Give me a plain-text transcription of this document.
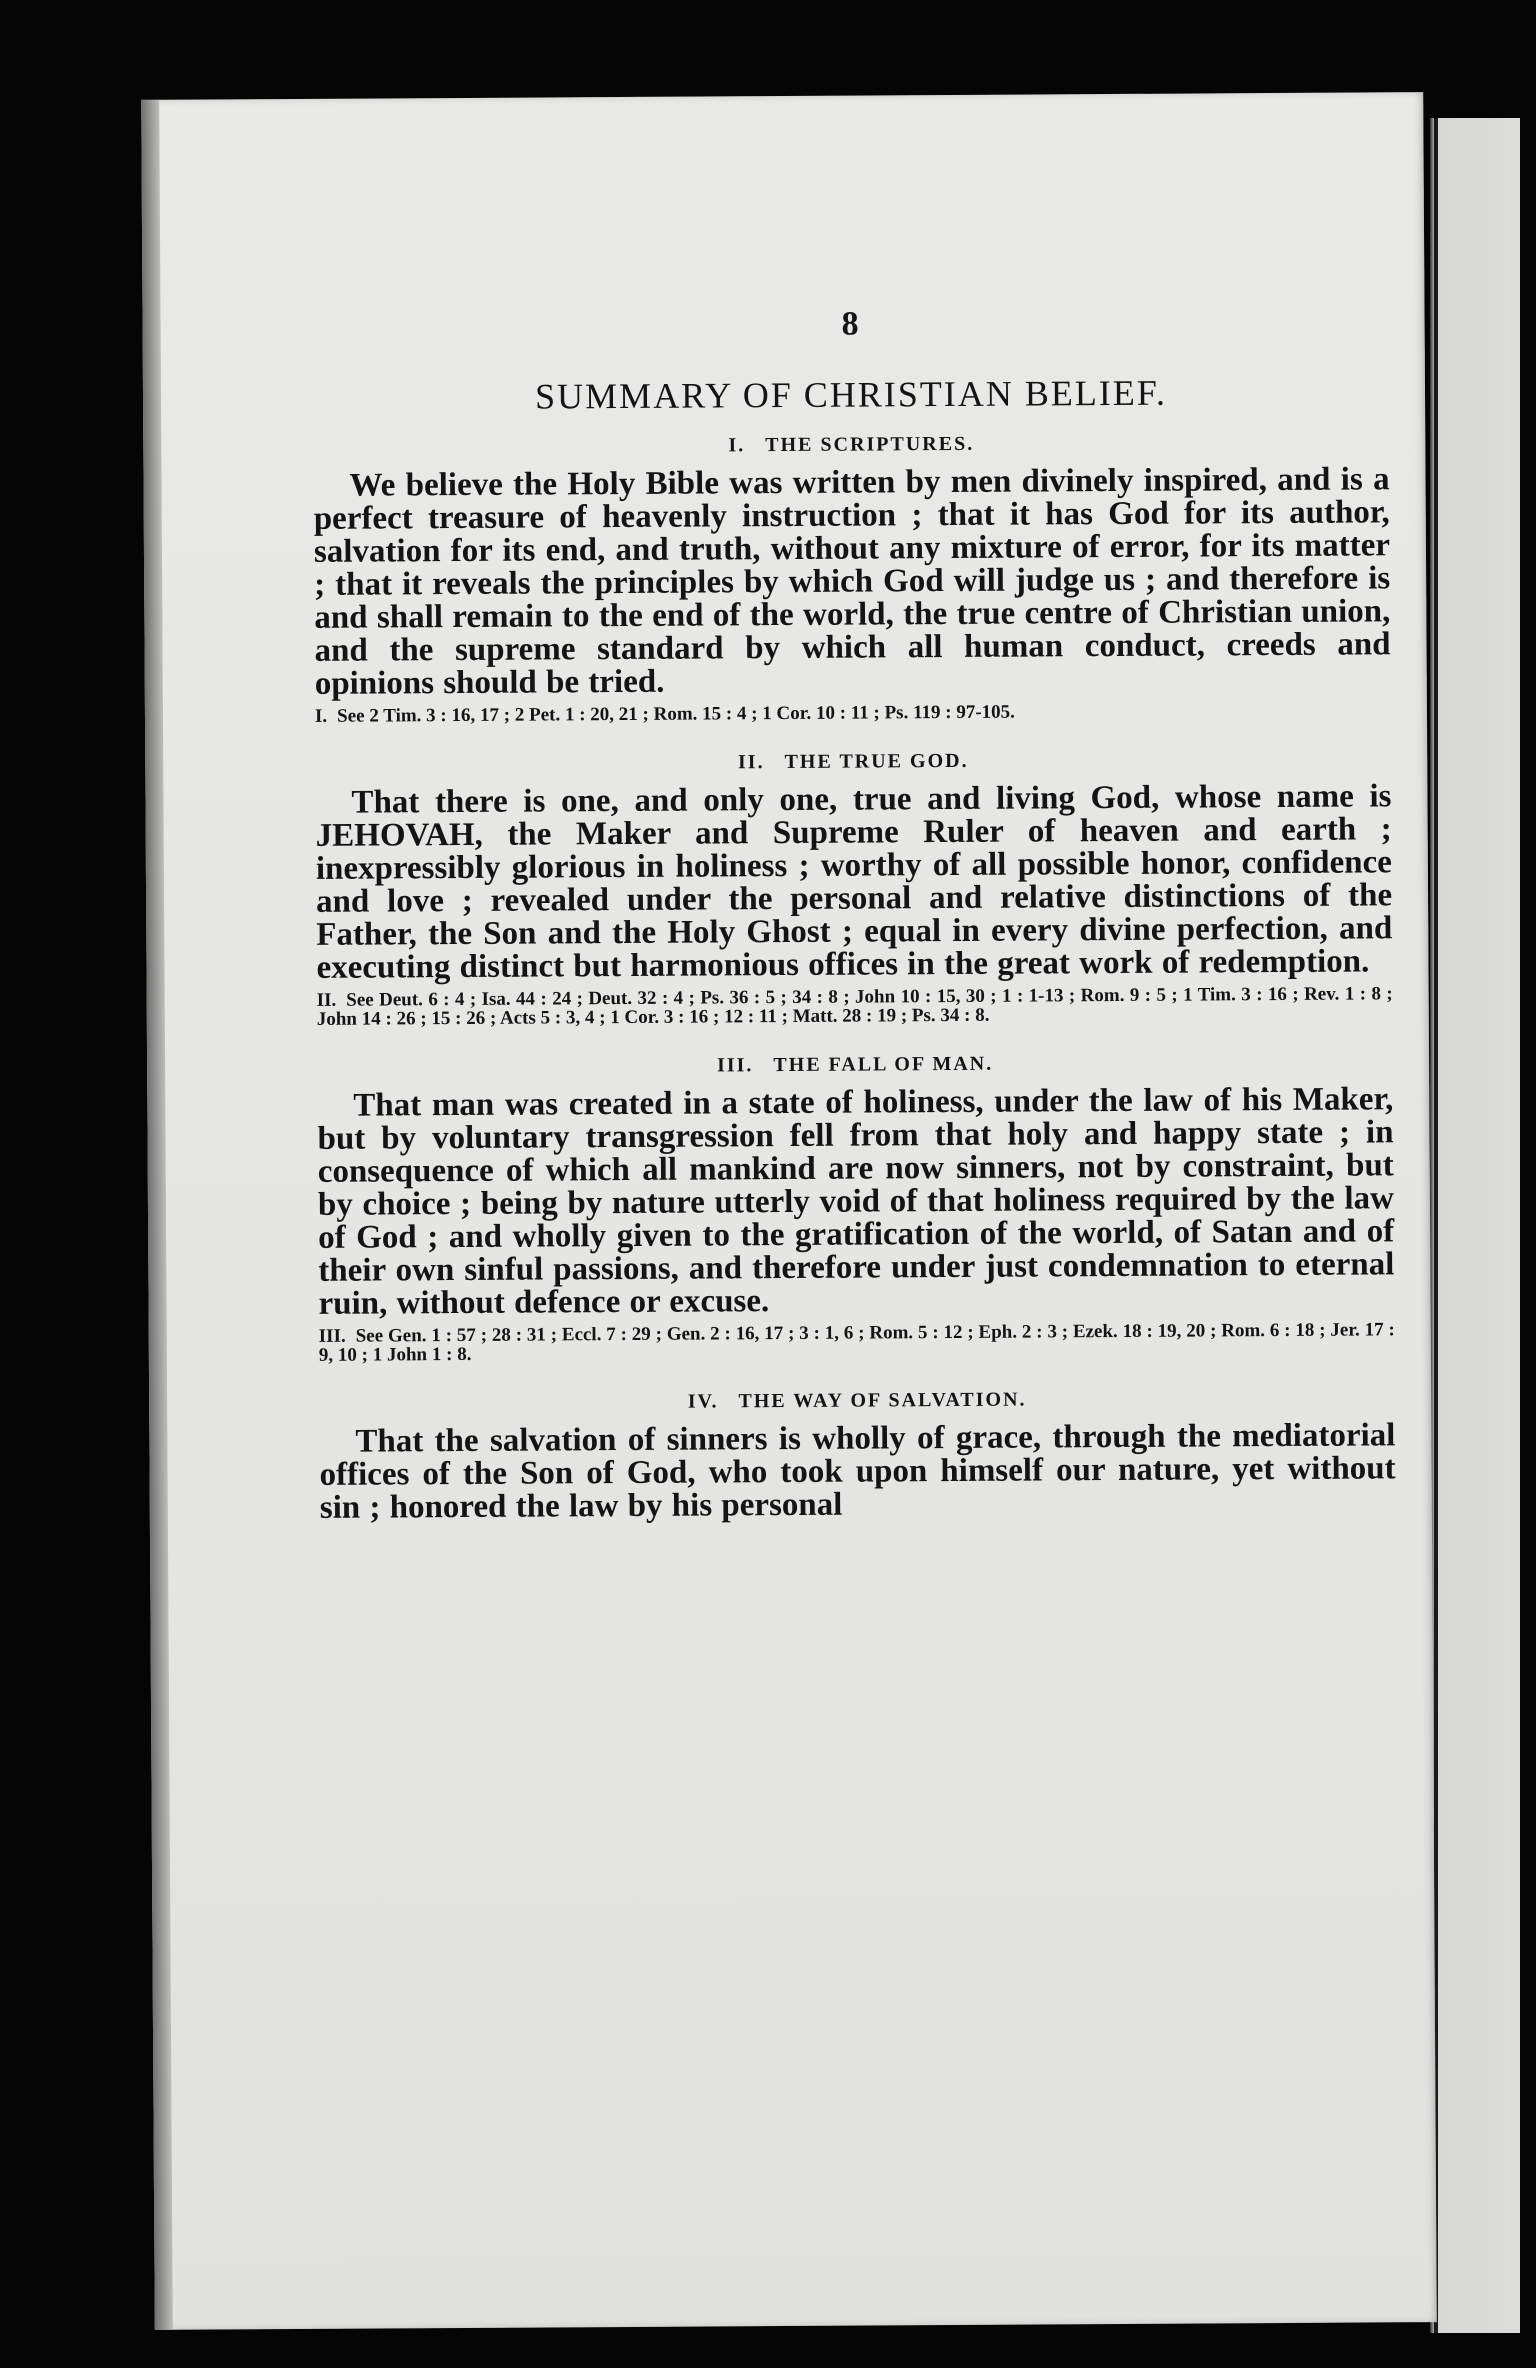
8
SUMMARY OF CHRISTIAN BELIEF.
I. THE SCRIPTURES.

We believe the Holy Bible was written by men divinely inspired, and is a perfect treasure of heavenly instruction ; that it has God for its author, salvation for its end, and truth, without any mixture of error, for its matter ; that it reveals the principles by which God will judge us ; and therefore is and shall remain to the end of the world, the true centre of Christian union, and the supreme standard by which all human conduct, creeds and opinions should be tried.

I. See 2 Tim. 3 : 16, 17 ; 2 Pet. 1 : 20, 21 ; Rom. 15 : 4 ; 1 Cor. 10 : 11 ; Ps. 119 : 97-105.

II. THE TRUE GOD.

That there is one, and only one, true and living God, whose name is JEHOVAH, the Maker and Supreme Ruler of heaven and earth ; inexpressibly glorious in holiness ; worthy of all possible honor, confidence and love ; revealed under the personal and relative distinctions of the Father, the Son and the Holy Ghost ; equal in every divine perfection, and executing distinct but harmonious offices in the great work of redemption.

II. See Deut. 6 : 4 ; Isa. 44 : 24 ; Deut. 32 : 4 ; Ps. 36 : 5 ; 34 : 8 ; John 10 : 15, 30 ; 1 : 1-13 ; Rom. 9 : 5 ; 1 Tim. 3 : 16 ; Rev. 1 : 8 ; John 14 : 26 ; 15 : 26 ; Acts 5 : 3, 4 ; 1 Cor. 3 : 16 ; 12 : 11 ; Matt. 28 : 19 ; Ps. 34 : 8.

III. THE FALL OF MAN.

That man was created in a state of holiness, under the law of his Maker, but by voluntary transgression fell from that holy and happy state ; in consequence of which all mankind are now sinners, not by constraint, but by choice ; being by nature utterly void of that holiness required by the law of God ; and wholly given to the gratification of the world, of Satan and of their own sinful passions, and therefore under just condemnation to eternal ruin, without defence or excuse.

III. See Gen. 1 : 57 ; 28 : 31 ; Eccl. 7 : 29 ; Gen. 2 : 16, 17 ; 3 : 1, 6 ; Rom. 5 : 12 ; Eph. 2 : 3 ; Ezek. 18 : 19, 20 ; Rom. 6 : 18 ; Jer. 17 : 9, 10 ; 1 John 1 : 8.

IV. THE WAY OF SALVATION.

That the salvation of sinners is wholly of grace, through the mediatorial offices of the Son of God, who took upon himself our nature, yet without sin ; honored the law by his personal
